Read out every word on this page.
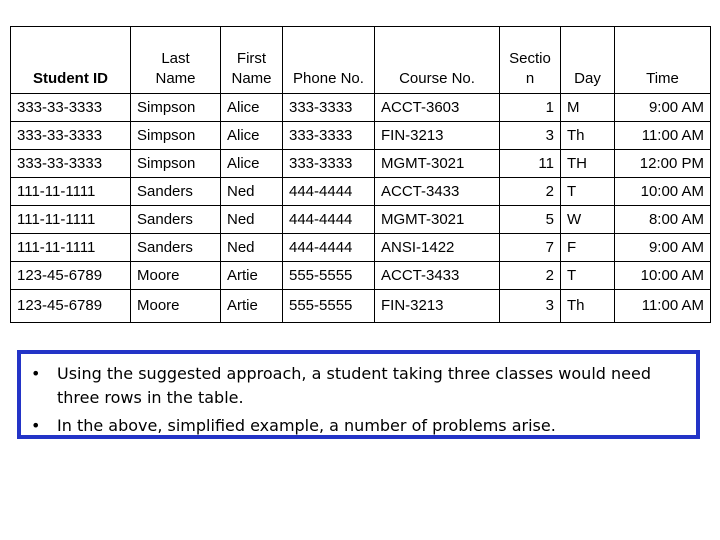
Student ID	Last Name	First Name	Phone No.	Course No.	Sectio n	Day	Time
333-33-3333	Simpson	Alice	333-3333	ACCT-3603	1	M	9:00 AM
333-33-3333	Simpson	Alice	333-3333	FIN-3213	3	Th	11:00 AM
333-33-3333	Simpson	Alice	333-3333	MGMT-3021	11	TH	12:00 PM
111-11-1111	Sanders	Ned	444-4444	ACCT-3433	2	T	10:00 AM
111-11-1111	Sanders	Ned	444-4444	MGMT-3021	5	W	8:00 AM
111-11-1111	Sanders	Ned	444-4444	ANSI-1422	7	F	9:00 AM
123-45-6789	Moore	Artie	555-5555	ACCT-3433	2	T	10:00 AM
123-45-6789	Moore	Artie	555-5555	FIN-3213	3	Th	11:00 AM
•	Using the suggested approach, a student taking three classes would need three rows in the table.
•	In the above, simplified example, a number of problems arise.
